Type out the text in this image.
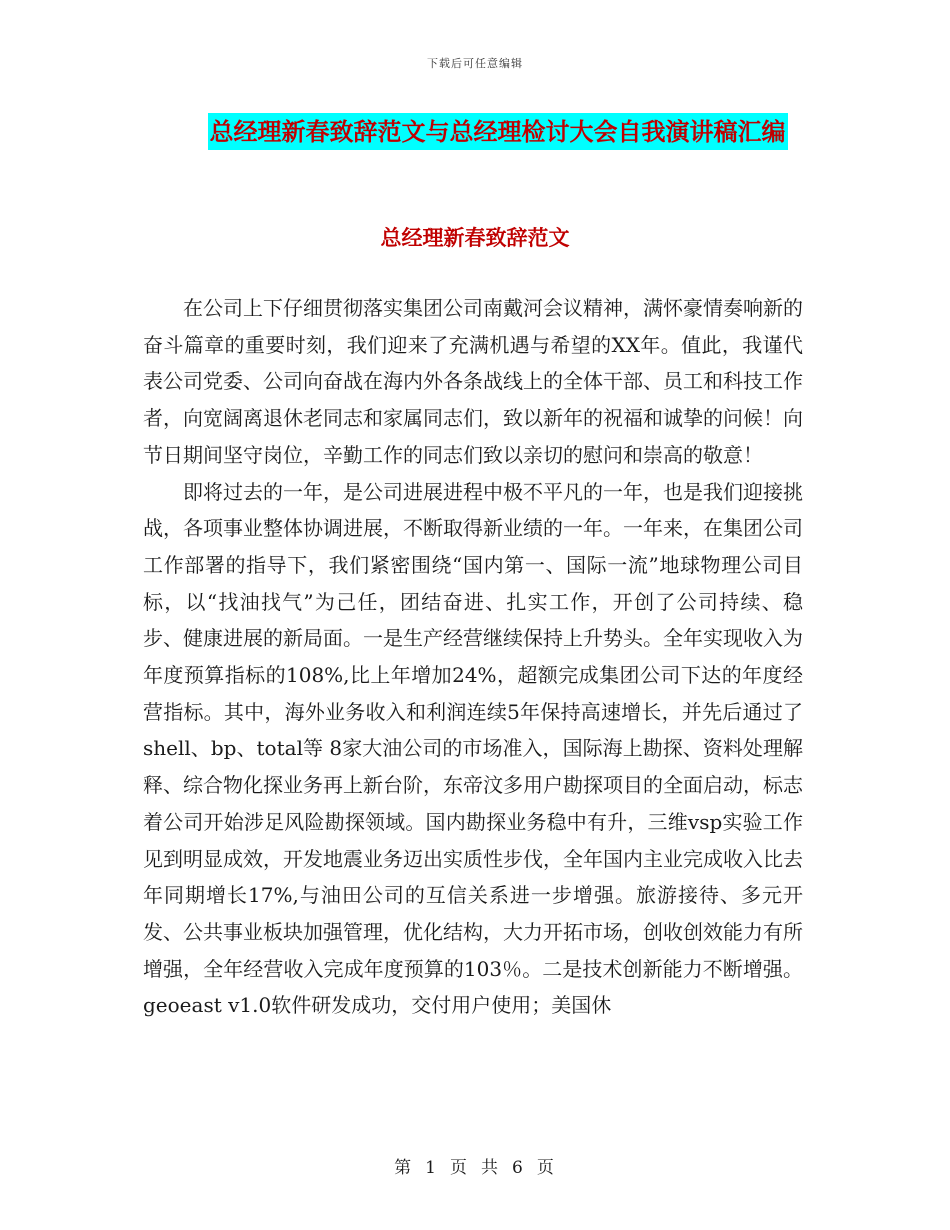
下载后可任意编辑
总经理新春致辞范文与总经理检讨大会自我演讲稿汇编
总经理新春致辞范文

在公司上下仔细贯彻落实集团公司南戴河会议精神，满怀豪情奏响新的奋斗篇章的重要时刻，我们迎来了充满机遇与希望的XX年。值此，我谨代表公司党委、公司向奋战在海内外各条战线上的全体干部、员工和科技工作者，向宽阔离退休老同志和家属同志们，致以新年的祝福和诚挚的问候！向节日期间坚守岗位，辛勤工作的同志们致以亲切的慰问和崇高的敬意！

即将过去的一年，是公司进展进程中极不平凡的一年，也是我们迎接挑战，各项事业整体协调进展，不断取得新业绩的一年。一年来，在集团公司工作部署的指导下，我们紧密围绕“国内第一、国际一流”地球物理公司目标，以“找油找气”为己任，团结奋进、扎实工作，开创了公司持续、稳步、健康进展的新局面。一是生产经营继续保持上升势头。全年实现收入为年度预算指标的108%,比上年增加24%，超额完成集团公司下达的年度经营指标。其中，海外业务收入和利润连续5年保持高速增长，并先后通过了shell、bp、total等 8家大油公司的市场准入，国际海上勘探、资料处理解释、综合物化探业务再上新台阶，东帝汶多用户勘探项目的全面启动，标志着公司开始涉足风险勘探领域。国内勘探业务稳中有升，三维vsp实验工作见到明显成效，开发地震业务迈出实质性步伐，全年国内主业完成收入比去年同期增长17%,与油田公司的互信关系进一步增强。旅游接待、多元开发、公共事业板块加强管理，优化结构，大力开拓市场，创收创效能力有所增强，全年经营收入完成年度预算的103％。二是技术创新能力不断增强。geoeast v1.0软件研发成功，交付用户使用；美国休

第 1 页 共 6 页
